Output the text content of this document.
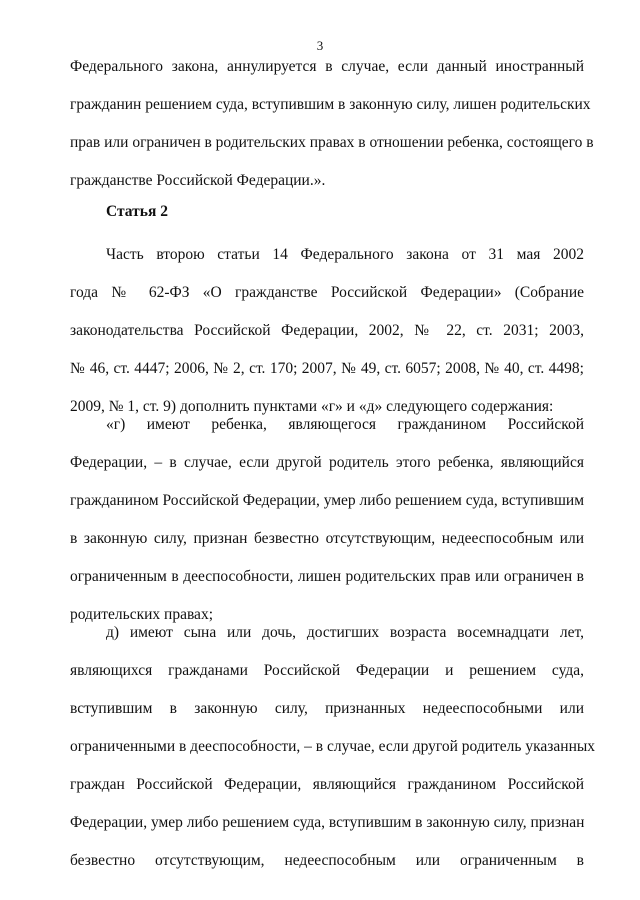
3
Федерального закона, аннулируется в случае, если данный иностранный
гражданин решением суда, вступившим в законную силу, лишен родительских
прав или ограничен в родительских правах в отношении ребенка, состоящего в
гражданстве Российской Федерации.».
Статья 2
Часть второю статьи 14 Федерального закона от 31 мая 2002
года № 62-ФЗ «О гражданстве Российской Федерации» (Собрание
законодательства Российской Федерации, 2002, № 22, ст. 2031; 2003,
№ 46, ст. 4447; 2006, № 2, ст. 170; 2007, № 49, ст. 6057; 2008, № 40, ст. 4498;
2009, № 1, ст. 9) дополнить пунктами «г» и «д» следующего содержания:
«г) имеют ребенка, являющегося гражданином Российской
Федерации, – в случае, если другой родитель этого ребенка, являющийся
гражданином Российской Федерации, умер либо решением суда, вступившим
в законную силу, признан безвестно отсутствующим, недееспособным или
ограниченным в дееспособности, лишен родительских прав или ограничен в
родительских правах;
д) имеют сына или дочь, достигших возраста восемнадцати лет,
являющихся гражданами Российской Федерации и решением суда,
вступившим в законную силу, признанных недееспособными или
ограниченными в дееспособности, – в случае, если другой родитель указанных
граждан Российской Федерации, являющийся гражданином Российской
Федерации, умер либо решением суда, вступившим в законную силу, признан
безвестно отсутствующим, недееспособным или ограниченным в
